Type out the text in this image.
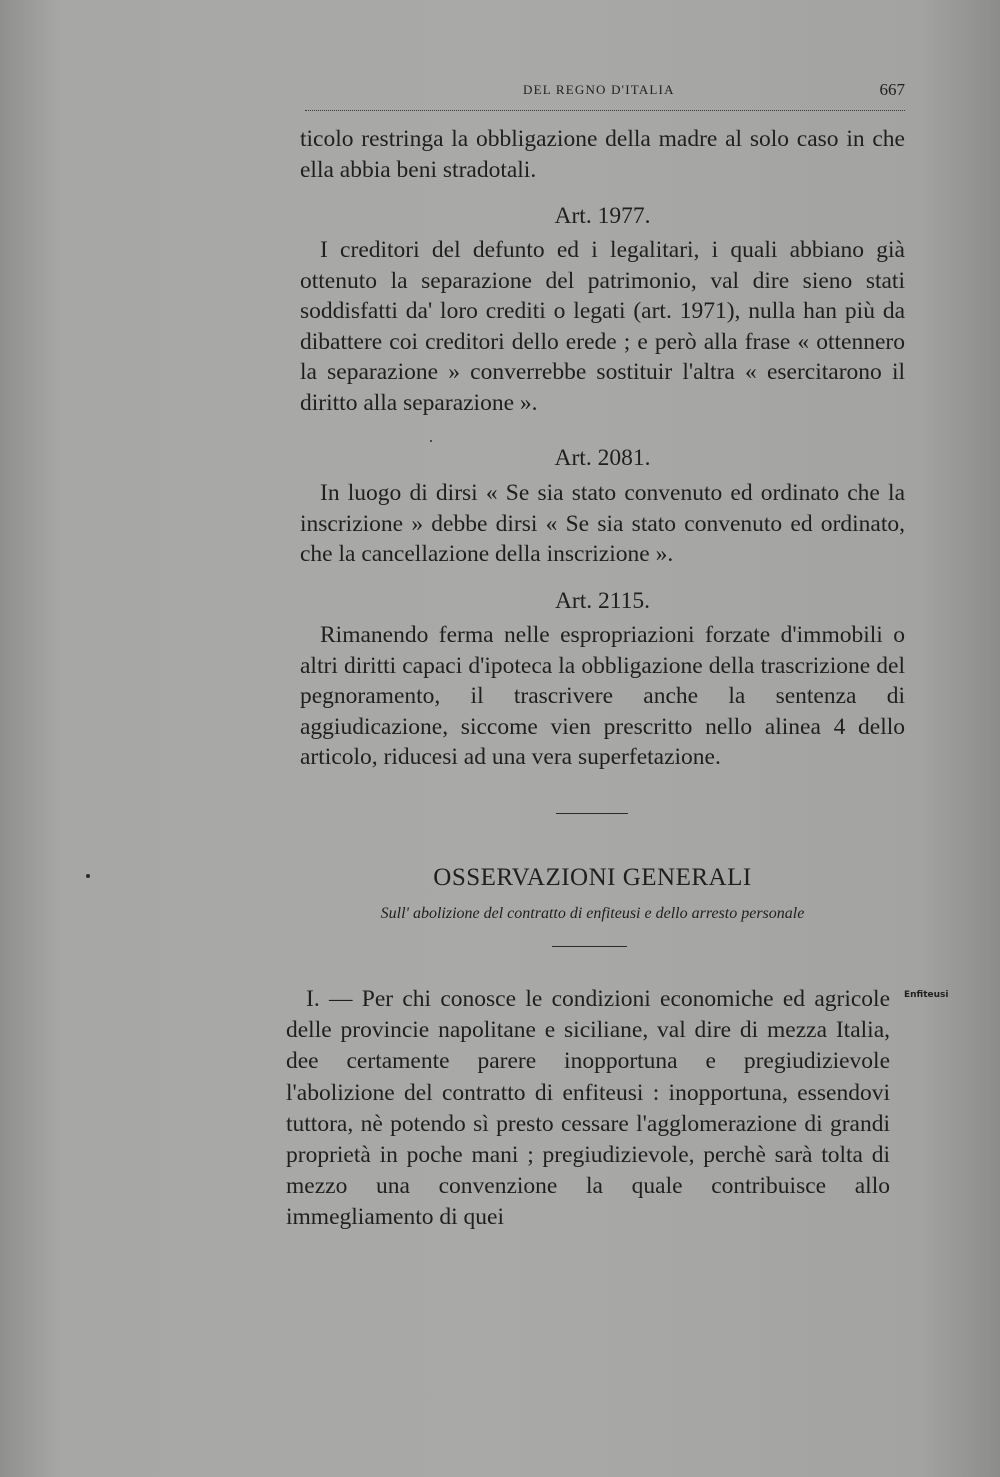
DEL REGNO D'ITALIA	667
ticolo restringa la obbligazione della madre al solo caso in che ella abbia beni stradotali.
Art. 1977.
I creditori del defunto ed i legalitari, i quali abbiano già ottenuto la separazione del patrimonio, val dire sieno stati soddisfatti da' loro crediti o legati (art. 1971), nulla han più da dibattere coi creditori dello erede ; e però alla frase « ottennero la separazione » converrebbe sostituir l'altra « esercitarono il diritto alla separazione ».
Art. 2081.
In luogo di dirsi « Se sia stato convenuto ed ordinato che la inscrizione » debbe dirsi « Se sia stato convenuto ed ordinato, che la cancellazione della inscrizione ».
Art. 2115.
Rimanendo ferma nelle espropriazioni forzate d'immobili o altri diritti capaci d'ipoteca la obbligazione della trascrizione del pegnoramento, il trascrivere anche la sentenza di aggiudicazione, siccome vien prescritto nello alinea 4 dello articolo, riducesi ad una vera superfetazione.
OSSERVAZIONI GENERALI
Sull' abolizione del contratto di enfiteusi e dello arresto personale
I. — Per chi conosce le condizioni economiche ed agricole delle provincie napolitane e siciliane, val dire di mezza Italia, dee certamente parere inopportuna e pregiudizievole l'abolizione del contratto di enfiteusi : inopportuna, essendovi tuttora, nè potendo sì presto cessare l'agglomerazione di grandi proprietà in poche mani ; pregiudizievole, perchè sarà tolta di mezzo una convenzione la quale contribuisce allo immegliamento di quei
Enfiteusi
